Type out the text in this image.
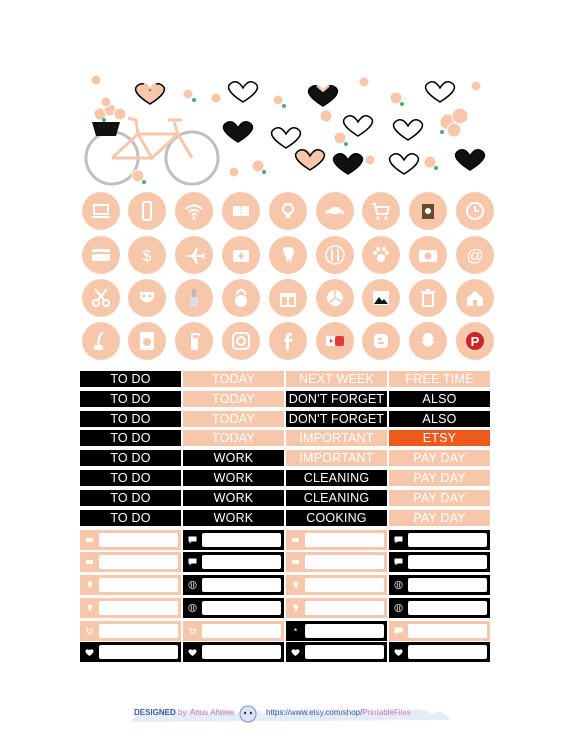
DESIGNED by Anus Ahwee	https://www.etsy.com/shop/PrintableFiles
$	@
P
TO DO	TODAY	NEXT WEEK	FREE TIME
TO DO	TODAY	DON'T FORGET	ALSO
TO DO	TODAY	DON'T FORGET	ALSO
TO DO	TODAY	IMPORTANT	ETSY
TO DO	WORK	IMPORTANT	PAY DAY
TO DO	WORK	CLEANING	PAY DAY
TO DO	WORK	CLEANING	PAY DAY
TO DO	WORK	COOKING	PAY DAY
*
